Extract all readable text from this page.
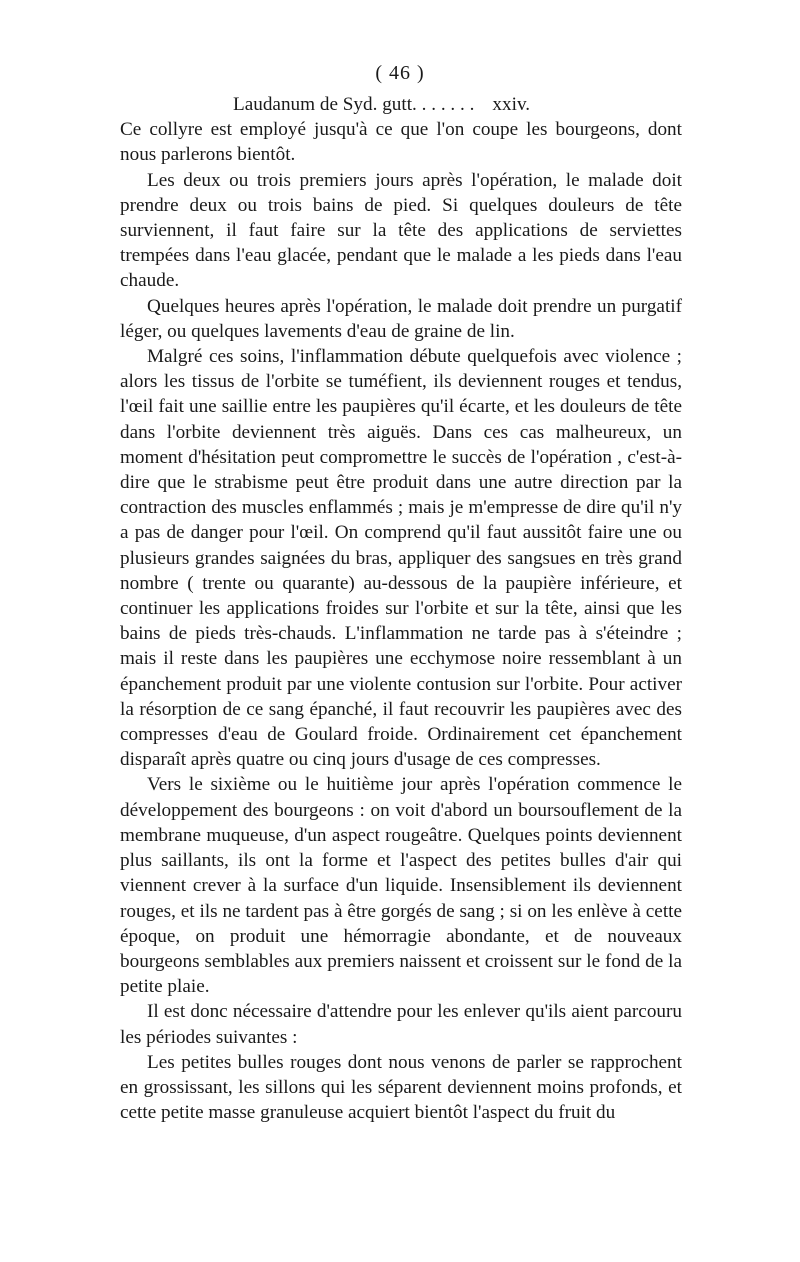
( 46 )

Laudanum de Syd. gutt. . . . . . . xxiv.

Ce collyre est employé jusqu'à ce que l'on coupe les bourgeons, dont nous parlerons bientôt.

Les deux ou trois premiers jours après l'opération, le malade doit prendre deux ou trois bains de pied. Si quelques douleurs de tête surviennent, il faut faire sur la tête des applications de serviettes trempées dans l'eau glacée, pendant que le malade a les pieds dans l'eau chaude.

Quelques heures après l'opération, le malade doit prendre un purgatif léger, ou quelques lavements d'eau de graine de lin.

Malgré ces soins, l'inflammation débute quelquefois avec violence ; alors les tissus de l'orbite se tuméfient, ils deviennent rouges et tendus, l'œil fait une saillie entre les paupières qu'il écarte, et les douleurs de tête dans l'orbite deviennent très aiguës. Dans ces cas malheureux, un moment d'hésitation peut compromettre le succès de l'opération , c'est-à-dire que le strabisme peut être produit dans une autre direction par la contraction des muscles enflammés ; mais je m'empresse de dire qu'il n'y a pas de danger pour l'œil. On comprend qu'il faut aussitôt faire une ou plusieurs grandes saignées du bras, appliquer des sangsues en très grand nombre ( trente ou quarante) au-dessous de la paupière inférieure, et continuer les applications froides sur l'orbite et sur la tête, ainsi que les bains de pieds très-chauds. L'inflammation ne tarde pas à s'éteindre ; mais il reste dans les paupières une ecchymose noire ressemblant à un épanchement produit par une violente contusion sur l'orbite. Pour activer la résorption de ce sang épanché, il faut recouvrir les paupières avec des compresses d'eau de Goulard froide. Ordinairement cet épanchement disparaît après quatre ou cinq jours d'usage de ces compresses.

Vers le sixième ou le huitième jour après l'opération commence le développement des bourgeons : on voit d'abord un boursouflement de la membrane muqueuse, d'un aspect rougeâtre. Quelques points deviennent plus saillants, ils ont la forme et l'aspect des petites bulles d'air qui viennent crever à la surface d'un liquide. Insensiblement ils deviennent rouges, et ils ne tardent pas à être gorgés de sang ; si on les enlève à cette époque, on produit une hémorragie abondante, et de nouveaux bourgeons semblables aux premiers naissent et croissent sur le fond de la petite plaie.

Il est donc nécessaire d'attendre pour les enlever qu'ils aient parcouru les périodes suivantes :

Les petites bulles rouges dont nous venons de parler se rapprochent en grossissant, les sillons qui les séparent deviennent moins profonds, et cette petite masse granuleuse acquiert bientôt l'aspect du fruit du
